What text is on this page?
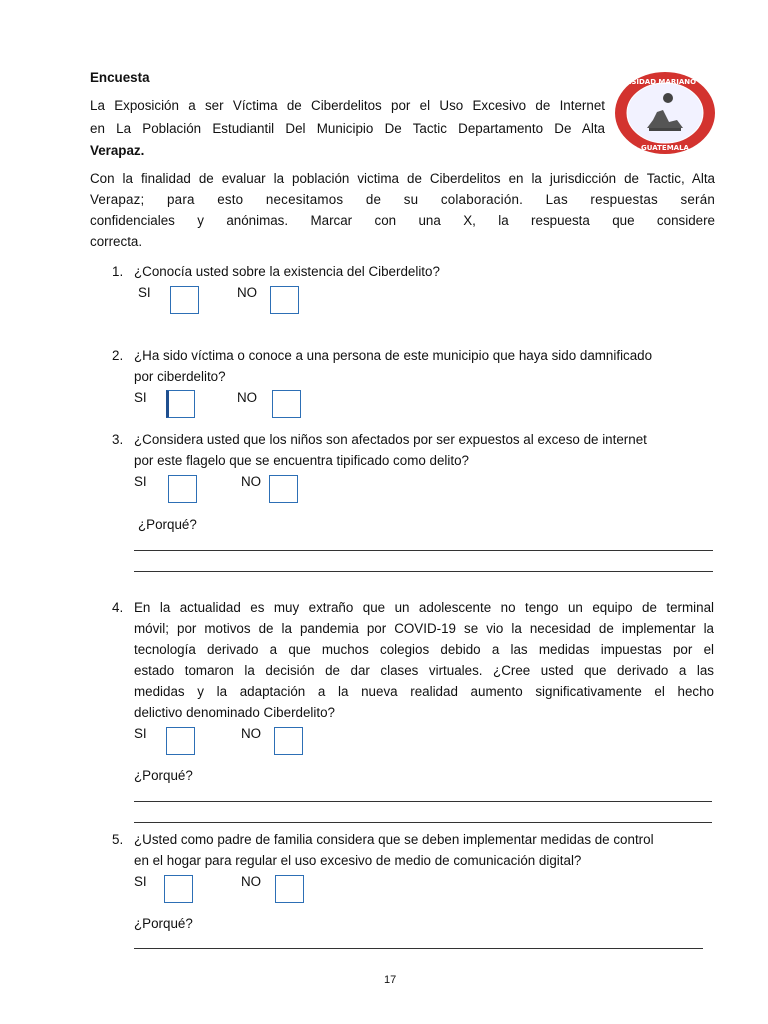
Encuesta
La Exposición a ser Víctima de Ciberdelitos por el Uso Excesivo de Internet
en La Población Estudiantil Del Municipio De Tactic Departamento De Alta
Verapaz.
UNIVERSIDAD MARIANO GALVEZ
GUATEMALA
Con la finalidad de evaluar la población victima de Ciberdelitos en la jurisdicción de Tactic, Alta
Verapaz; para esto necesitamos de su colaboración. Las respuestas serán
confidenciales y anónimas. Marcar con una X, la respuesta que considere
correcta.
1. ¿Conocía usted sobre la existencia del Ciberdelito?
SI	NO
2. ¿Ha sido víctima o conoce a una persona de este municipio que haya sido damnificado
por ciberdelito?
SI	NO
3. ¿Considera usted que los niños son afectados por ser expuestos al exceso de internet
por este flagelo que se encuentra tipificado como delito?
SI	NO
¿Porqué?
4. En la actualidad es muy extraño que un adolescente no tengo un equipo de terminal
móvil; por motivos de la pandemia por COVID-19 se vio la necesidad de implementar la
tecnología derivado a que muchos colegios debido a las medidas impuestas por el
estado tomaron la decisión de dar clases virtuales. ¿Cree usted que derivado a las
medidas y la adaptación a la nueva realidad aumento significativamente el hecho
delictivo denominado Ciberdelito?
SI	NO
¿Porqué?
5. ¿Usted como padre de familia considera que se deben implementar medidas de control
en el hogar para regular el uso excesivo de medio de comunicación digital?
SI	NO
¿Porqué?
17
